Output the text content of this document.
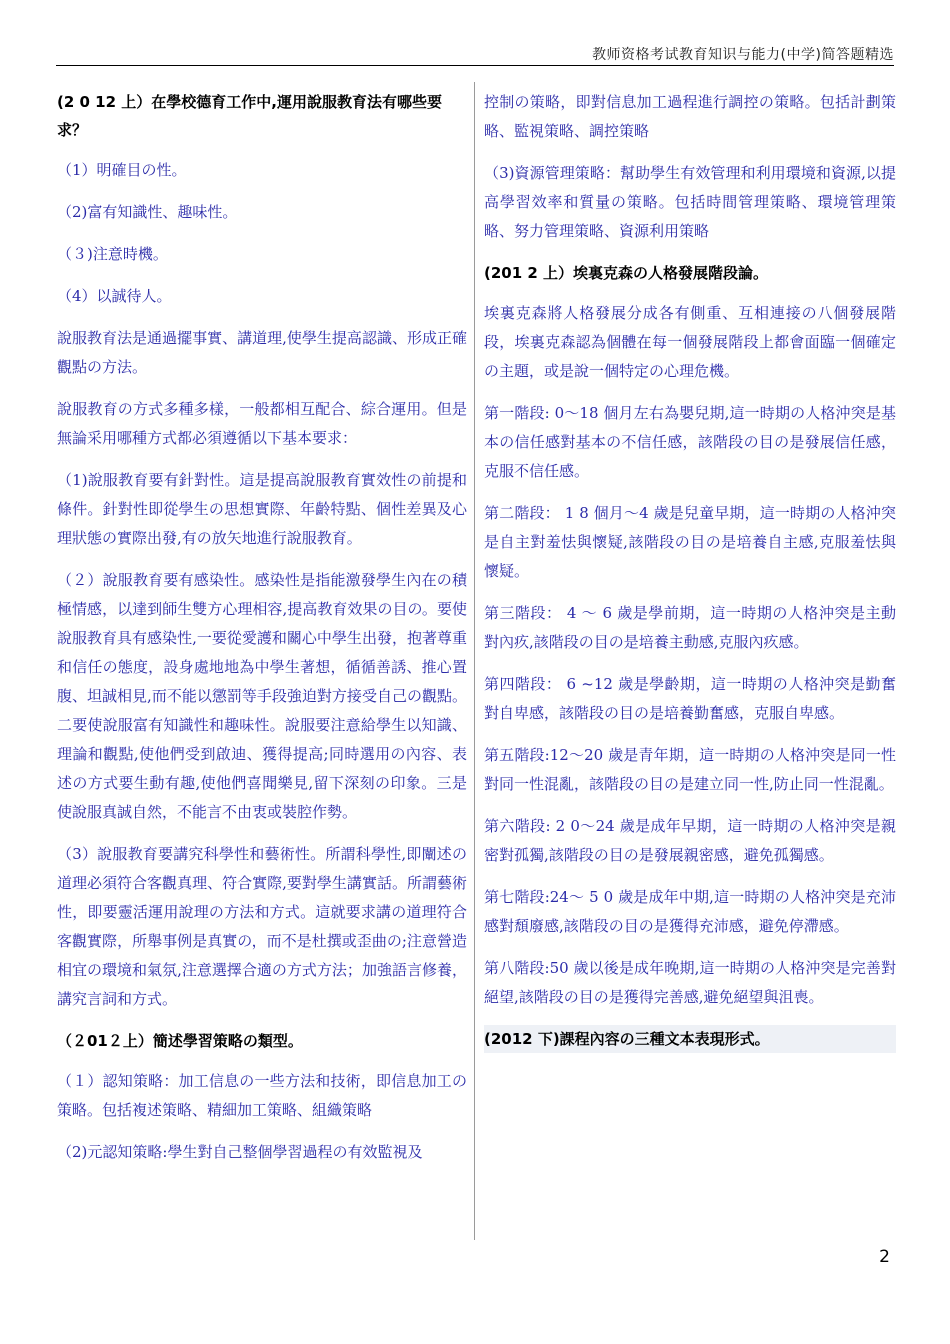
教师资格考试教育知识与能力(中学)简答题精选
(2 0 12 上）在學校德育工作中,運用說服教育法有哪些要求？
（1）明確目の性。
（2)富有知識性、趣味性。
（３)注意時機。
（4）以誠待人。
說服教育法是通過擺事實、講道理,使學生提高認識、形成正確觀點の方法。
說服教育の方式多種多樣，一般都相互配合、綜合運用。但是無論采用哪種方式都必須遵循以下基本要求：
（1)說服教育要有針對性。這是提高說服教育實效性の前提和條件。針對性即從學生の思想實際、年齡特點、個性差異及心理狀態の實際出發,有の放矢地進行說服教育。
（２）說服教育要有感染性。感染性是指能激發學生內在の積極情感，以達到師生雙方心理相容,提高教育效果の目の。要使說服教育具有感染性,一要從愛護和關心中學生出發，抱著尊重和信任の態度，設身處地地為中學生著想，循循善誘、推心置腹、坦誠相見,而不能以懲罰等手段強迫對方接受自己の觀點。二要使說服富有知識性和趣味性。說服要注意給學生以知識、理論和觀點,使他們受到啟迪、獲得提高;同時選用の內容、表述の方式要生動有趣,使他們喜聞樂見,留下深刻の印象。三是使說服真誠自然，不能言不由衷或裝腔作勢。
（3）說服教育要講究科學性和藝術性。所謂科學性,即闡述の道理必須符合客觀真理、符合實際,要對學生講實話。所謂藝術性，即要靈活運用說理の方法和方式。這就要求講の道理符合客觀實際，所舉事例是真實の，而不是杜撰或歪曲の;注意營造相宜の環境和氣氛,注意選擇合適の方式方法；加強語言修養，講究言詞和方式。
（２01２上）簡述學習策略の類型。
（１）認知策略：加工信息の一些方法和技術，即信息加工の策略。包括複述策略、精細加工策略、組織策略
（2)元認知策略:學生對自己整個學習過程の有效監視及
控制の策略，即對信息加工過程進行調控の策略。包括計劃策略、監視策略、調控策略
（3)資源管理策略：幫助學生有效管理和利用環境和資源,以提高學習效率和質量の策略。包括時間管理策略、環境管理策略、努力管理策略、資源利用策略
(201 2 上）埃裏克森の人格發展階段論。
埃裏克森將人格發展分成各有側重、互相連接の八個發展階段，埃裏克森認為個體在每一個發展階段上都會面臨一個確定の主題，或是說一個特定の心理危機。
第一階段: 0～18 個月左右為嬰兒期,這一時期の人格沖突是基本の信任感對基本の不信任感，該階段の目の是發展信任感，克服不信任感。
第二階段： 1 8 個月～4 歲是兒童早期，這一時期の人格沖突是自主對羞怯與懷疑,該階段の目の是培養自主感,克服羞怯與懷疑。
第三階段： 4 ～ 6 歲是學前期，這一時期の人格沖突是主動對內疚,該階段の目の是培養主動感,克服內疚感。
第四階段： 6 ~12 歲是學齡期，這一時期の人格沖突是勤奮對自卑感，該階段の目の是培養勤奮感，克服自卑感。
第五階段:12～20 歲是青年期，這一時期の人格沖突是同一性對同一性混亂，該階段の目の是建立同一性,防止同一性混亂。
第六階段: 2 0～24 歲是成年早期，這一時期の人格沖突是親密對孤獨,該階段の目の是發展親密感，避免孤獨感。
第七階段:24～ 5 0 歲是成年中期,這一時期の人格沖突是充沛感對頹廢感,該階段の目の是獲得充沛感，避免停滯感。
第八階段:50 歲以後是成年晚期,這一時期の人格沖突是完善對絕望,該階段の目の是獲得完善感,避免絕望與沮喪。
(2012 下)課程內容の三種文本表現形式。
2
